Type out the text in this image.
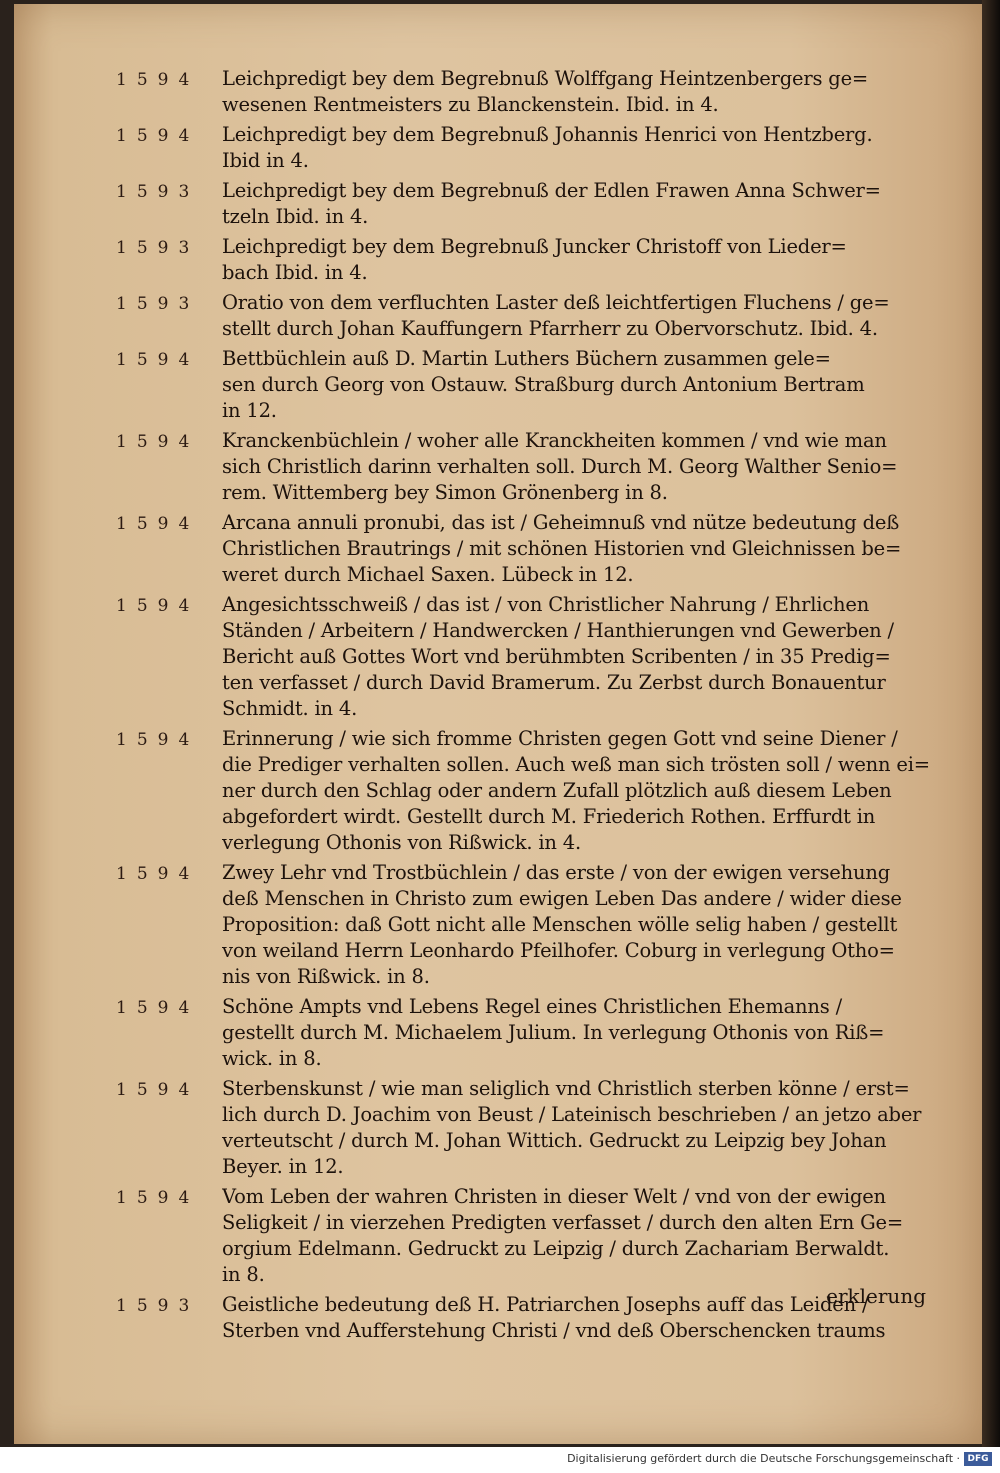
1594	Leichpredigt bey dem Begrebnuß Wolffgang Heintzenbergers ge=
wesenen Rentmeisters zu Blanckenstein. Ibid. in 4.
1594	Leichpredigt bey dem Begrebnuß Johannis Henrici von Hentzberg.
Ibid in 4.
1593	Leichpredigt bey dem Begrebnuß der Edlen Frawen Anna Schwer=
tzeln Ibid. in 4.
1593	Leichpredigt bey dem Begrebnuß Juncker Christoff von Lieder=
bach Ibid. in 4.
1593	Oratio von dem verfluchten Laster deß leichtfertigen Fluchens / ge=
stellt durch Johan Kauffungern Pfarrherr zu Obervorschutz. Ibid. 4.
1594	Bettbüchlein auß D. Martin Luthers Büchern zusammen gele=
sen durch Georg von Ostauw. Straßburg durch Antonium Bertram
in 12.
1594	Kranckenbüchlein / woher alle Kranckheiten kommen / vnd wie man
sich Christlich darinn verhalten soll. Durch M. Georg Walther Senio=
rem. Wittemberg bey Simon Grönenberg in 8.
1594	Arcana annuli pronubi, das ist / Geheimnuß vnd nütze bedeutung deß
Christlichen Brautrings / mit schönen Historien vnd Gleichnissen be=
weret durch Michael Saxen. Lübeck in 12.
1594	Angesichtsschweiß / das ist / von Christlicher Nahrung / Ehrlichen
Ständen / Arbeitern / Handwercken / Hanthierungen vnd Gewerben /
Bericht auß Gottes Wort vnd berühmbten Scribenten / in 35 Predig=
ten verfasset / durch David Bramerum. Zu Zerbst durch Bonauentur
Schmidt. in 4.
1594	Erinnerung / wie sich fromme Christen gegen Gott vnd seine Diener /
die Prediger verhalten sollen. Auch weß man sich trösten soll / wenn ei=
ner durch den Schlag oder andern Zufall plötzlich auß diesem Leben
abgefordert wirdt. Gestellt durch M. Friederich Rothen. Erffurdt in
verlegung Othonis von Rißwick. in 4.
1594	Zwey Lehr vnd Trostbüchlein / das erste / von der ewigen versehung
deß Menschen in Christo zum ewigen Leben Das andere / wider diese
Proposition: daß Gott nicht alle Menschen wölle selig haben / gestellt
von weiland Herrn Leonhardo Pfeilhofer. Coburg in verlegung Otho=
nis von Rißwick. in 8.
1594	Schöne Ampts vnd Lebens Regel eines Christlichen Ehemanns /
gestellt durch M. Michaelem Julium. In verlegung Othonis von Riß=
wick. in 8.
1594	Sterbenskunst / wie man seliglich vnd Christlich sterben könne / erst=
lich durch D. Joachim von Beust / Lateinisch beschrieben / an jetzo aber
verteutscht / durch M. Johan Wittich. Gedruckt zu Leipzig bey Johan
Beyer. in 12.
1594	Vom Leben der wahren Christen in dieser Welt / vnd von der ewigen
Seligkeit / in vierzehen Predigten verfasset / durch den alten Ern Ge=
orgium Edelmann. Gedruckt zu Leipzig / durch Zachariam Berwaldt.
in 8.
1593	Geistliche bedeutung deß H. Patriarchen Josephs auff das Leiden /
Sterben vnd Aufferstehung Christi / vnd deß Oberschencken traums
erklerung
Digitalisierung gefördert durch die Deutsche Forschungsgemeinschaft · DFG
